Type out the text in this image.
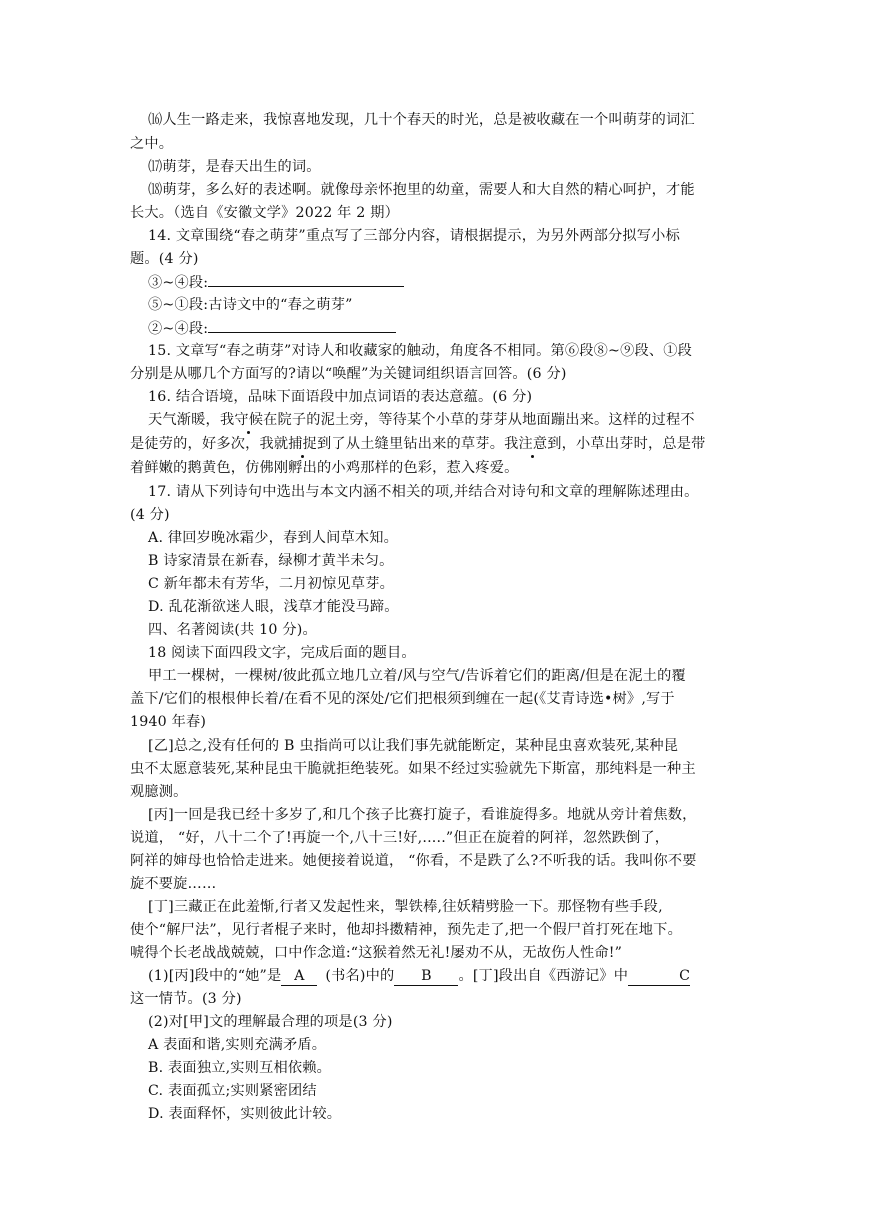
⒃人生一路走来，我惊喜地发现，几十个春天的时光，总是被收藏在一个叫萌芽的词汇
之中。
⒄萌芽，是春天出生的词。
⒅萌芽，多么好的表述啊。就像母亲怀抱里的幼童，需要人和大自然的精心呵护，才能
长大。（选自《安徽文学》2022 年 2 期）
14. 文章围绕“春之萌芽”重点写了三部分内容，请根据提示，为另外两部分拟写小标
题。(4 分)
③~④段:
⑤~①段:古诗文中的“春之萌芽”
②~④段:
15. 文章写“春之萌芽”对诗人和收藏家的触动，角度各不相同。第⑥段⑧~⑨段、①段
分别是从哪几个方面写的?请以“唤醒”为关键词组织语言回答。(6 分)
16. 结合语境，品味下面语段中加点词语的表达意蕴。(6 分)
天气渐暖，我守候在院子的泥土旁，等待某个小草的芽芽从地面蹦出来。这样的过程不
是徒劳的，好多次，我就捕捉到了从土缝里钻出来的草芽。我注意到，小草出芽时，总是带
着鲜嫩的鹅黄色，仿佛刚孵出的小鸡那样的色彩，惹入疼爱。
17. 请从下列诗句中选出与本文内涵不相关的项,并结合对诗句和文章的理解陈述理由。
(4 分)
A. 律回岁晚冰霜少，春到人间草木知。
B 诗家清景在新春，绿柳才黄半未匀。
C 新年都未有芳华，二月初惊见草芽。
D. 乱花渐欲迷人眼，浅草才能没马蹄。
四、名著阅读(共 10 分)。
18 阅读下面四段文字，完成后面的题目。
甲工一棵树，一棵树/彼此孤立地几立着/风与空气/告诉着它们的距离/但是在泥土的覆
盖下/它们的根根伸长着/在看不见的深处/它们把根须到缠在一起(《艾青诗选•树》,写于
1940 年春)
[乙]总之,没有任何的 B 虫指尚可以让我们事先就能断定，某种昆虫喜欢装死,某种昆
虫不太愿意装死,某种昆虫干脆就拒绝装死。如果不经过实验就先下斯富，那纯料是一种主
观臆测。
[丙]一回是我已经十多岁了,和几个孩子比赛打旋子，看谁旋得多。地就从旁计着焦数，
说道， “好，八十二个了!再旋一个,八十三!好,.....”但正在旋着的阿祥，忽然跌倒了，
阿祥的婶母也恰恰走进来。她便接着说道， “你看，不是跌了么?不听我的话。我叫你不要
旋不要旋……
[丁]三藏正在此羞惭,行者又发起性来，掣铁棒,往妖精劈脸一下。那怪物有些手段,
使个“解尸法”，见行者棍子来时，他却抖擞精神，预先走了,把一个假尸首打死在地下。
唬得个长老战战兢兢，口中作念道:“这猴着然无礼!屡劝不从，无故伤人性命!”
(1)[丙]段中的“她”是 A (书名)中的 B 。[丁]段出自《西游记》中	C
这一情节。(3 分)
(2)对[甲]文的理解最合理的项是(3 分)
A 表面和谐,实则充满矛盾。
B. 表面独立,实则互相依赖。
C. 表面孤立;实则紧密团结
D. 表面释怀，实则彼此计较。
